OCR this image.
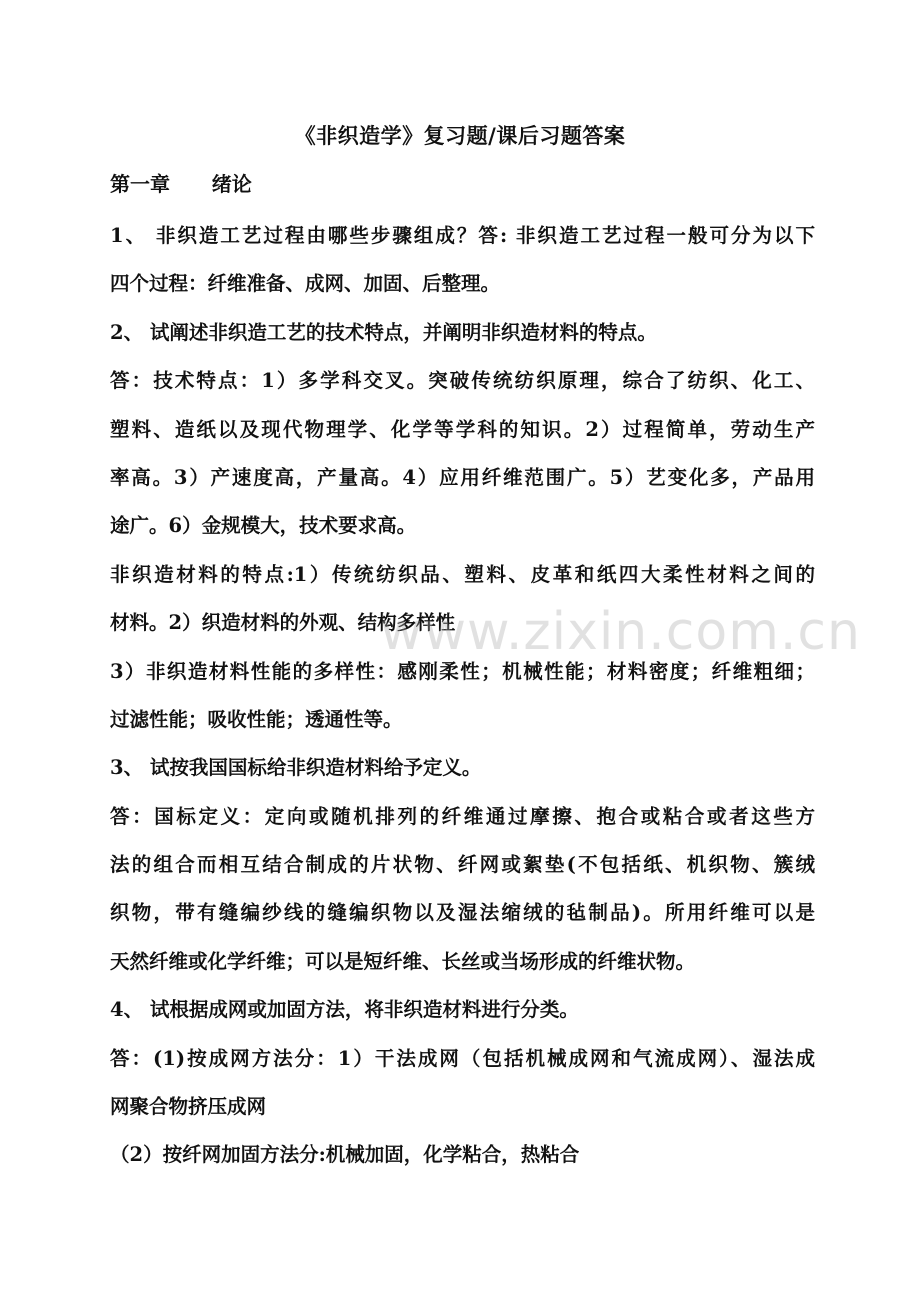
《非织造学》复习题/课后习题答案
第一章      绪论
1、 非织造工艺过程由哪些步骤组成？答: 非织造工艺过程一般可分为以下
四个过程：纤维准备、成网、加固、后整理。
2、 试阐述非织造工艺的技术特点，并阐明非织造材料的特点。
答：技术特点：1）多学科交叉。突破传统纺织原理，综合了纺织、化工、
塑料、造纸以及现代物理学、化学等学科的知识。2）过程简单，劳动生产
率高。3）产速度高，产量高。4）应用纤维范围广。5）艺变化多，产品用
途广。6）金规模大，技术要求高。
非织造材料的特点:1）传统纺织品、塑料、皮革和纸四大柔性材料之间的
材料。2）织造材料的外观、结构多样性
3）非织造材料性能的多样性：感刚柔性；机械性能；材料密度；纤维粗细；
过滤性能；吸收性能；透通性等。
3、 试按我国国标给非织造材料给予定义。
答：国标定义：定向或随机排列的纤维通过摩擦、抱合或粘合或者这些方
法的组合而相互结合制成的片状物、纤网或絮垫(不包括纸、机织物、簇绒
织物，带有缝编纱线的缝编织物以及湿法缩绒的毡制品)。所用纤维可以是
天然纤维或化学纤维；可以是短纤维、长丝或当场形成的纤维状物。
4、 试根据成网或加固方法，将非织造材料进行分类。
答：(1)按成网方法分：1）干法成网（包括机械成网和气流成网）、湿法成
网聚合物挤压成网
（2）按纤网加固方法分:机械加固，化学粘合，热粘合
www.zixin.com.cn
